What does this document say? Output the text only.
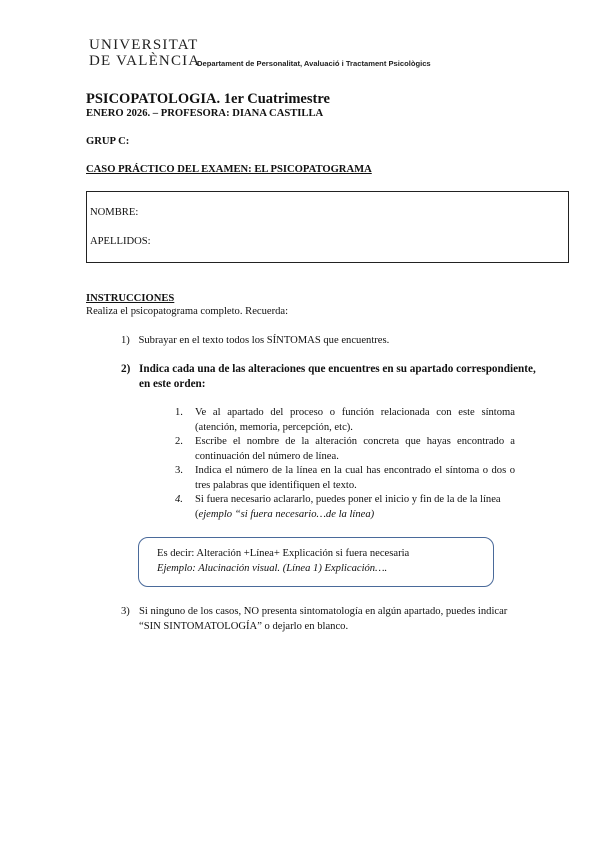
UNIVERSITAT
DE VALÈNCIA
Departament de Personalitat, Avaluació i Tractament Psicològics
PSICOPATOLOGIA. 1er Cuatrimestre
ENERO 2026. – PROFESORA: DIANA CASTILLA
GRUP C:
CASO PRÁCTICO DEL EXAMEN: EL PSICOPATOGRAMA
NOMBRE:
APELLIDOS:
INSTRUCCIONES
Realiza el psicopatograma completo. Recuerda:
1) Subrayar en el texto todos los SÍNTOMAS que encuentres.
2) Indica cada una de las alteraciones que encuentres en su apartado correspondiente, en este orden:
1. Ve al apartado del proceso o función relacionada con este síntoma (atención, memoria, percepción, etc).
2. Escribe el nombre de la alteración concreta que hayas encontrado a continuación del número de línea.
3. Indica el número de la línea en la cual has encontrado el síntoma o dos o tres palabras que identifiquen el texto.
4. Si fuera necesario aclararlo, puedes poner el inicio y fin de la de la línea (ejemplo “si fuera necesario…de la línea)
Es decir: Alteración +Línea+ Explicación si fuera necesaria
Ejemplo: Alucinación visual. (Línea 1) Explicación….
3) Si ninguno de los casos, NO presenta sintomatología en algún apartado, puedes indicar “SIN SINTOMATOLOGÍA” o dejarlo en blanco.
